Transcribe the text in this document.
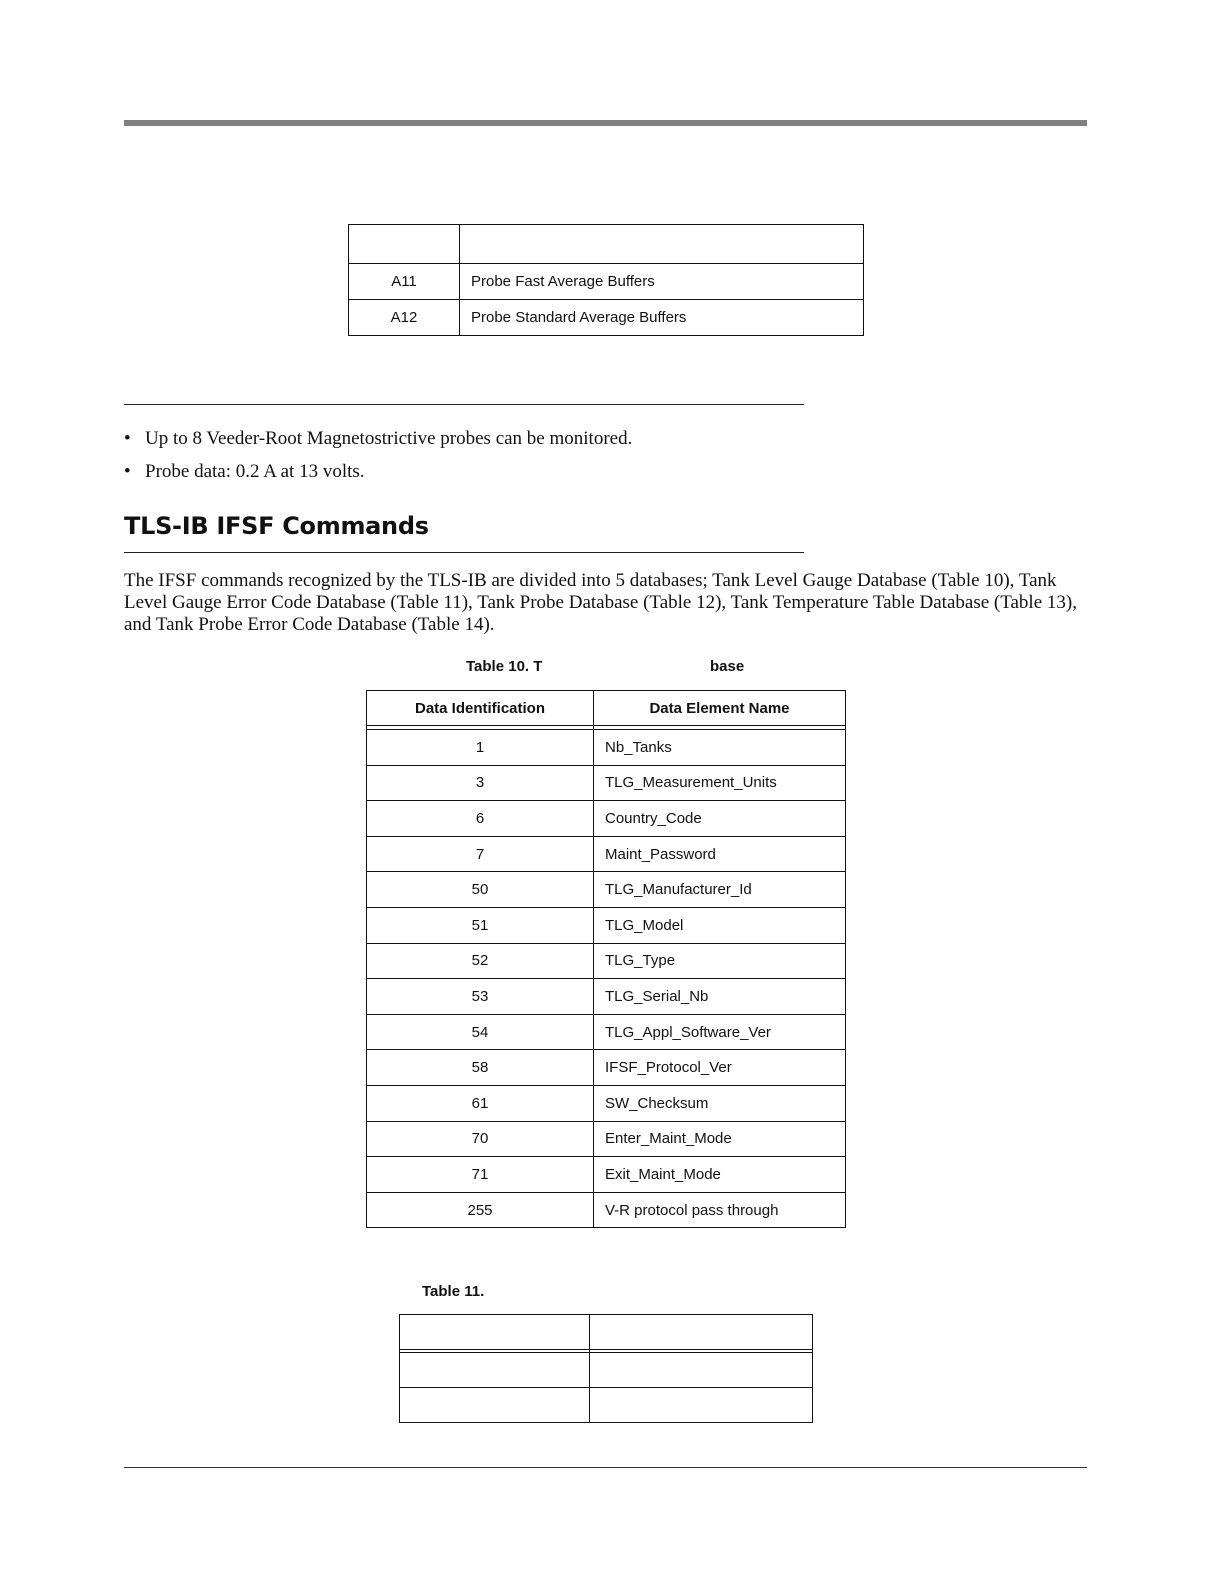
A11	Probe Fast Average Buffers
A12	Probe Standard Average Buffers
• Up to 8 Veeder-Root Magnetostrictive probes can be monitored.
• Probe data: 0.2 A at 13 volts.
TLS-IB IFSF Commands
The IFSF commands recognized by the TLS-IB are divided into 5 databases; Tank Level Gauge Database (Table 10), Tank Level Gauge Error Code Database (Table 11), Tank Probe Database (Table 12), Tank Temperature Table Database (Table 13), and Tank Probe Error Code Database (Table 14).
Table 10. T	base
Data Identification	Data Element Name

1	Nb_Tanks
3	TLG_Measurement_Units
6	Country_Code
7	Maint_Password
50	TLG_Manufacturer_Id
51	TLG_Model
52	TLG_Type
53	TLG_Serial_Nb
54	TLG_Appl_Software_Ver
58	IFSF_Protocol_Ver
61	SW_Checksum
70	Enter_Maint_Mode
71	Exit_Maint_Mode
255	V-R protocol pass through
Table 11.
